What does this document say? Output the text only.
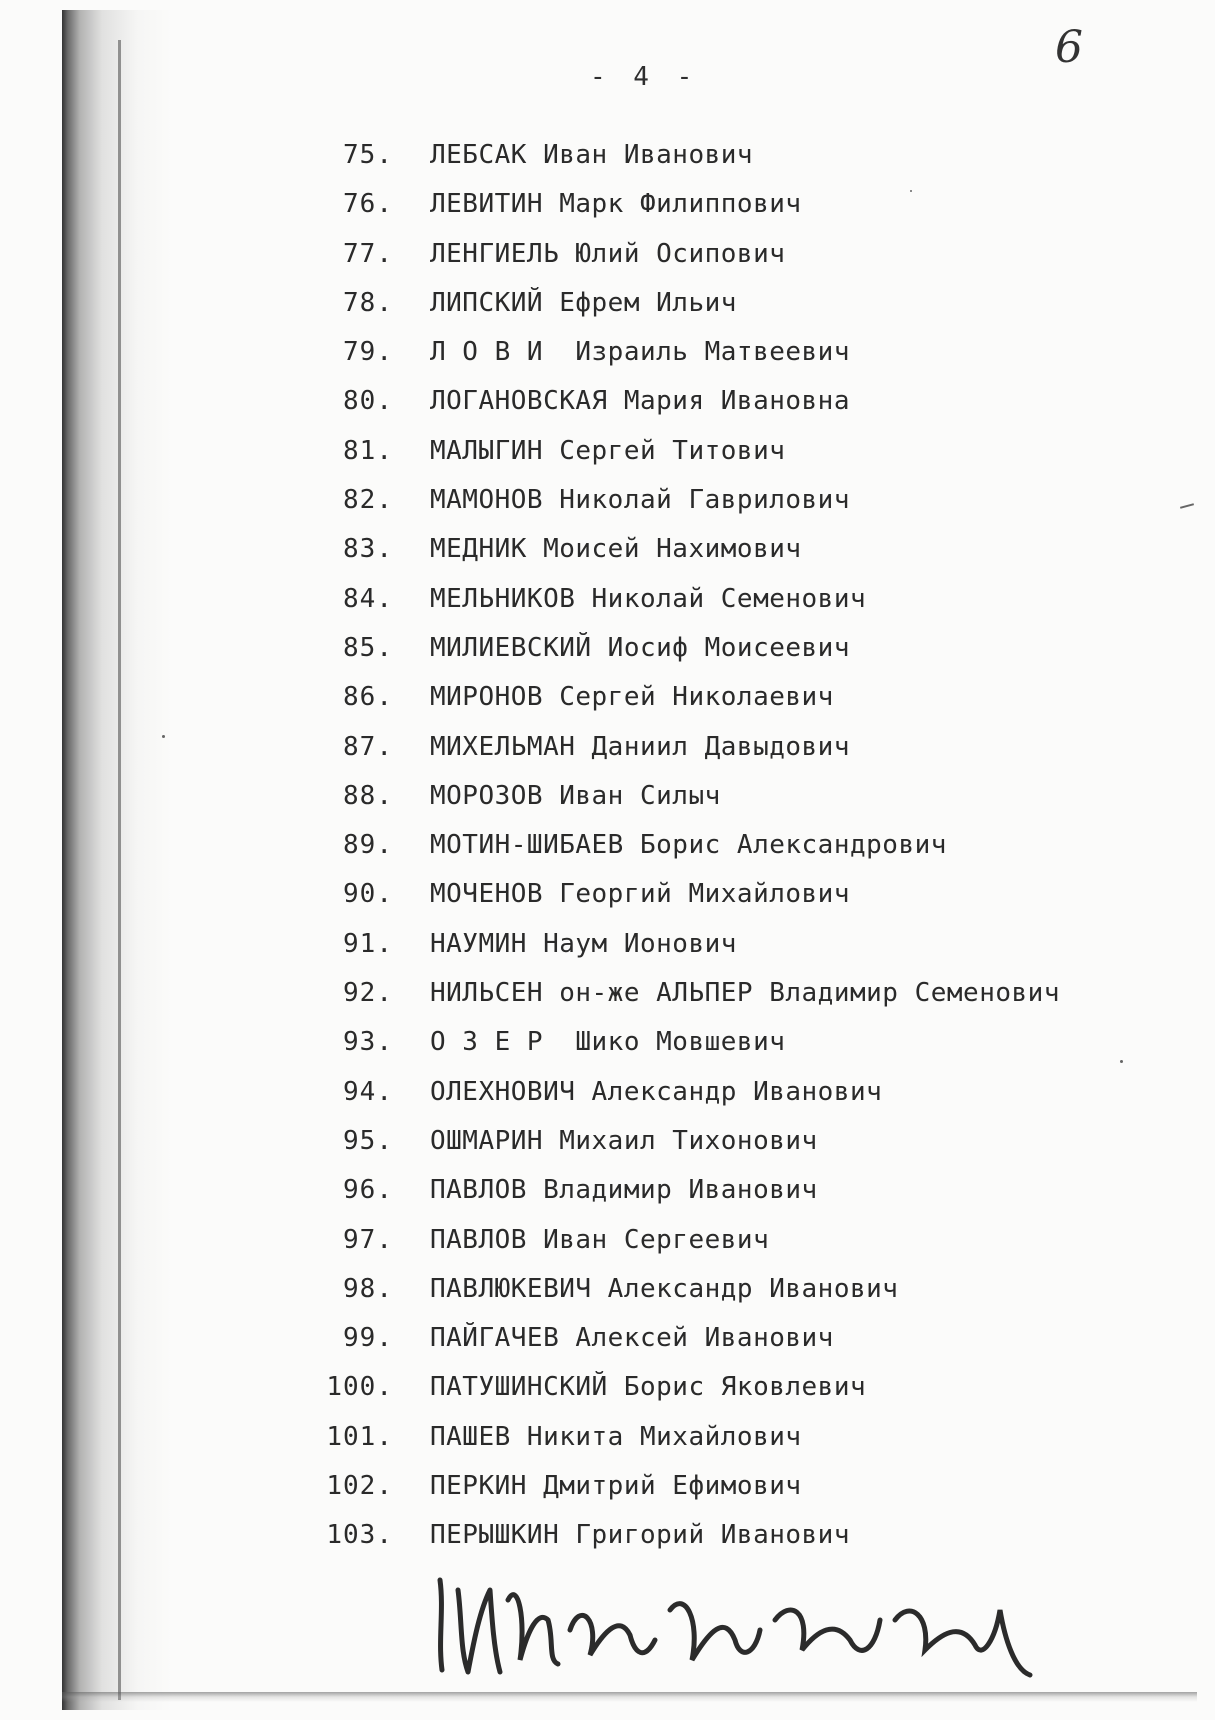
6
- 4 -
75. ЛЕБСАК Иван Иванович
76. ЛЕВИТИН Марк Филиппович
77. ЛЕНГИЕЛЬ Юлий Осипович
78. ЛИПСКИЙ Ефрем Ильич
79. Л О В И  Израиль Матвеевич
80. ЛОГАНОВСКАЯ Мария Ивановна
81. МАЛЫГИН Сергей Титович
82. МАМОНОВ Николай Гаврилович
83. МЕДНИК Моисей Нахимович
84. МЕЛЬНИКОВ Николай Семенович
85. МИЛИЕВСКИЙ Иосиф Моисеевич
86. МИРОНОВ Сергей Николаевич
87. МИХЕЛЬМАН Даниил Давыдович
88. МОРОЗОВ Иван Силыч
89. МОТИН-ШИБАЕВ Борис Александрович
90. МОЧЕНОВ Георгий Михайлович
91. НАУМИН Наум Ионович
92. НИЛЬСЕН он-же АЛЬПЕР Владимир Семенович
93. О З Е Р  Шико Мовшевич
94. ОЛЕХНОВИЧ Александр Иванович
95. ОШМАРИН Михаил Тихонович
96. ПАВЛОВ Владимир Иванович
97. ПАВЛОВ Иван Сергеевич
98. ПАВЛЮКЕВИЧ Александр Иванович
99. ПАЙГАЧЕВ Алексей Иванович
100. ПАТУШИНСКИЙ Борис Яковлевич
101. ПАШЕВ Никита Михайлович
102. ПЕРКИН Дмитрий Ефимович
103. ПЕРЫШКИН Григорий Иванович
